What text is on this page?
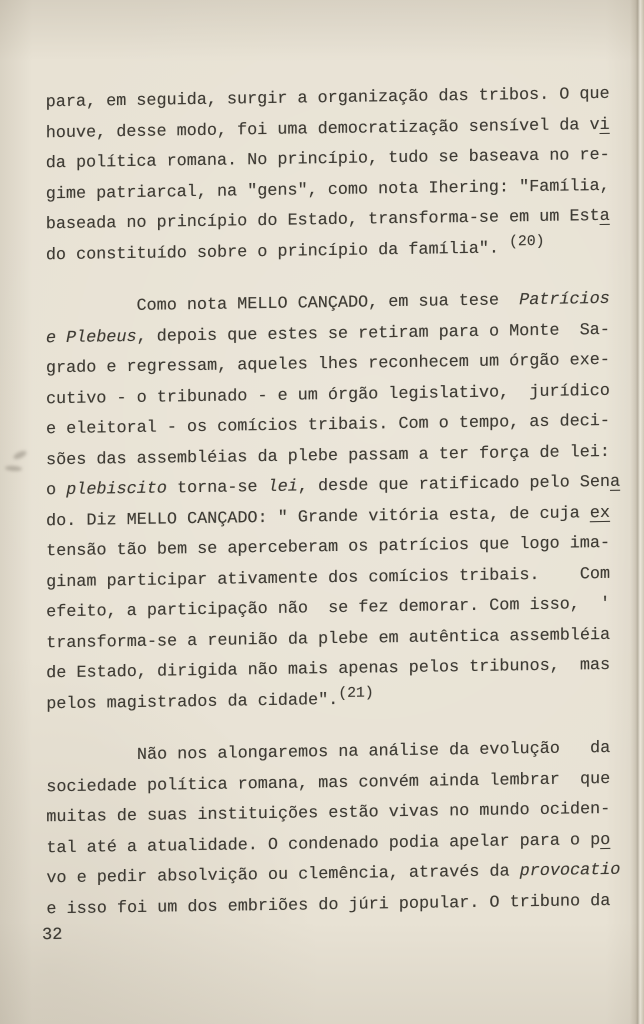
para, em seguida, surgir a organização das tribos. O que
houve, desse modo, foi uma democratização sensível da vi
da política romana. No princípio, tudo se baseava no re-
gime patriarcal, na "gens", como nota Ihering: "Família,
baseada no princípio do Estado, transforma-se em um Esta
do constituído sobre o princípio da família". (20)
Como nota MELLO CANÇADO, em sua tese  Patrícios
e Plebeus, depois que estes se retiram para o Monte  Sa-
grado e regressam, aqueles lhes reconhecem um órgão exe-
cutivo - o tribunado - e um órgão legislativo,  jurídico
e eleitoral - os comícios tribais. Com o tempo, as deci-
sões das assembléias da plebe passam a ter força de lei:
o plebiscito torna-se lei, desde que ratificado pelo Sena
do. Diz MELLO CANÇADO: " Grande vitória esta, de cuja ex
tensão tão bem se aperceberam os patrícios que logo ima-
ginam participar ativamente dos comícios tribais.    Com
efeito, a participação não  se fez demorar. Com isso,  '
transforma-se a reunião da plebe em autêntica assembléia
de Estado, dirigida não mais apenas pelos tribunos,  mas
pelos magistrados da cidade".(21)
Não nos alongaremos na análise da evolução   da
sociedade política romana, mas convém ainda lembrar  que
muitas de suas instituições estão vivas no mundo ociden-
tal até a atualidade. O condenado podia apelar para o po
vo e pedir absolvição ou clemência, através da provocatio
e isso foi um dos embriões do júri popular. O tribuno da
32
